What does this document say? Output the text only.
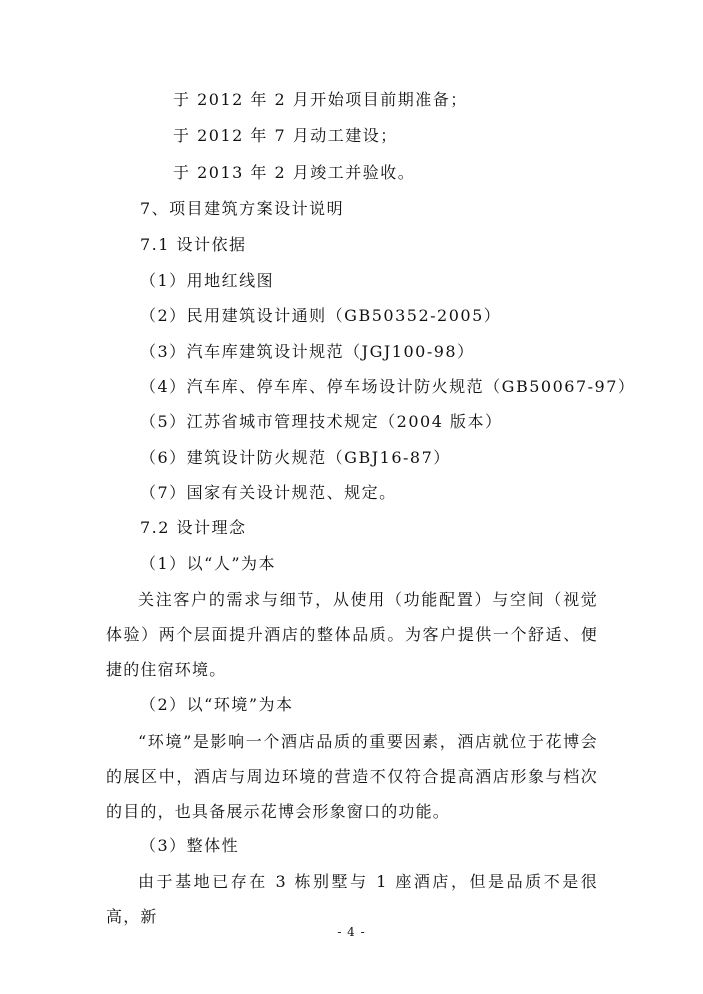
于 2012 年 2 月开始项目前期准备；
于 2012 年 7 月动工建设；
于 2013 年 2 月竣工并验收。
7、项目建筑方案设计说明
7.1 设计依据
（1）用地红线图
（2）民用建筑设计通则（GB50352-2005）
（3）汽车库建筑设计规范（JGJ100-98）
（4）汽车库、停车库、停车场设计防火规范（GB50067-97）
（5）江苏省城市管理技术规定（2004 版本）
（6）建筑设计防火规范（GBJ16-87）
（7）国家有关设计规范、规定。
7.2 设计理念
（1）以“人”为本
关注客户的需求与细节，从使用（功能配置）与空间（视觉体验）两个层面提升酒店的整体品质。为客户提供一个舒适、便捷的住宿环境。
（2）以“环境”为本
“环境”是影响一个酒店品质的重要因素，酒店就位于花博会的展区中，酒店与周边环境的营造不仅符合提高酒店形象与档次的目的，也具备展示花博会形象窗口的功能。
（3）整体性
由于基地已存在 3 栋别墅与 1 座酒店，但是品质不是很高，新
- 4 -
